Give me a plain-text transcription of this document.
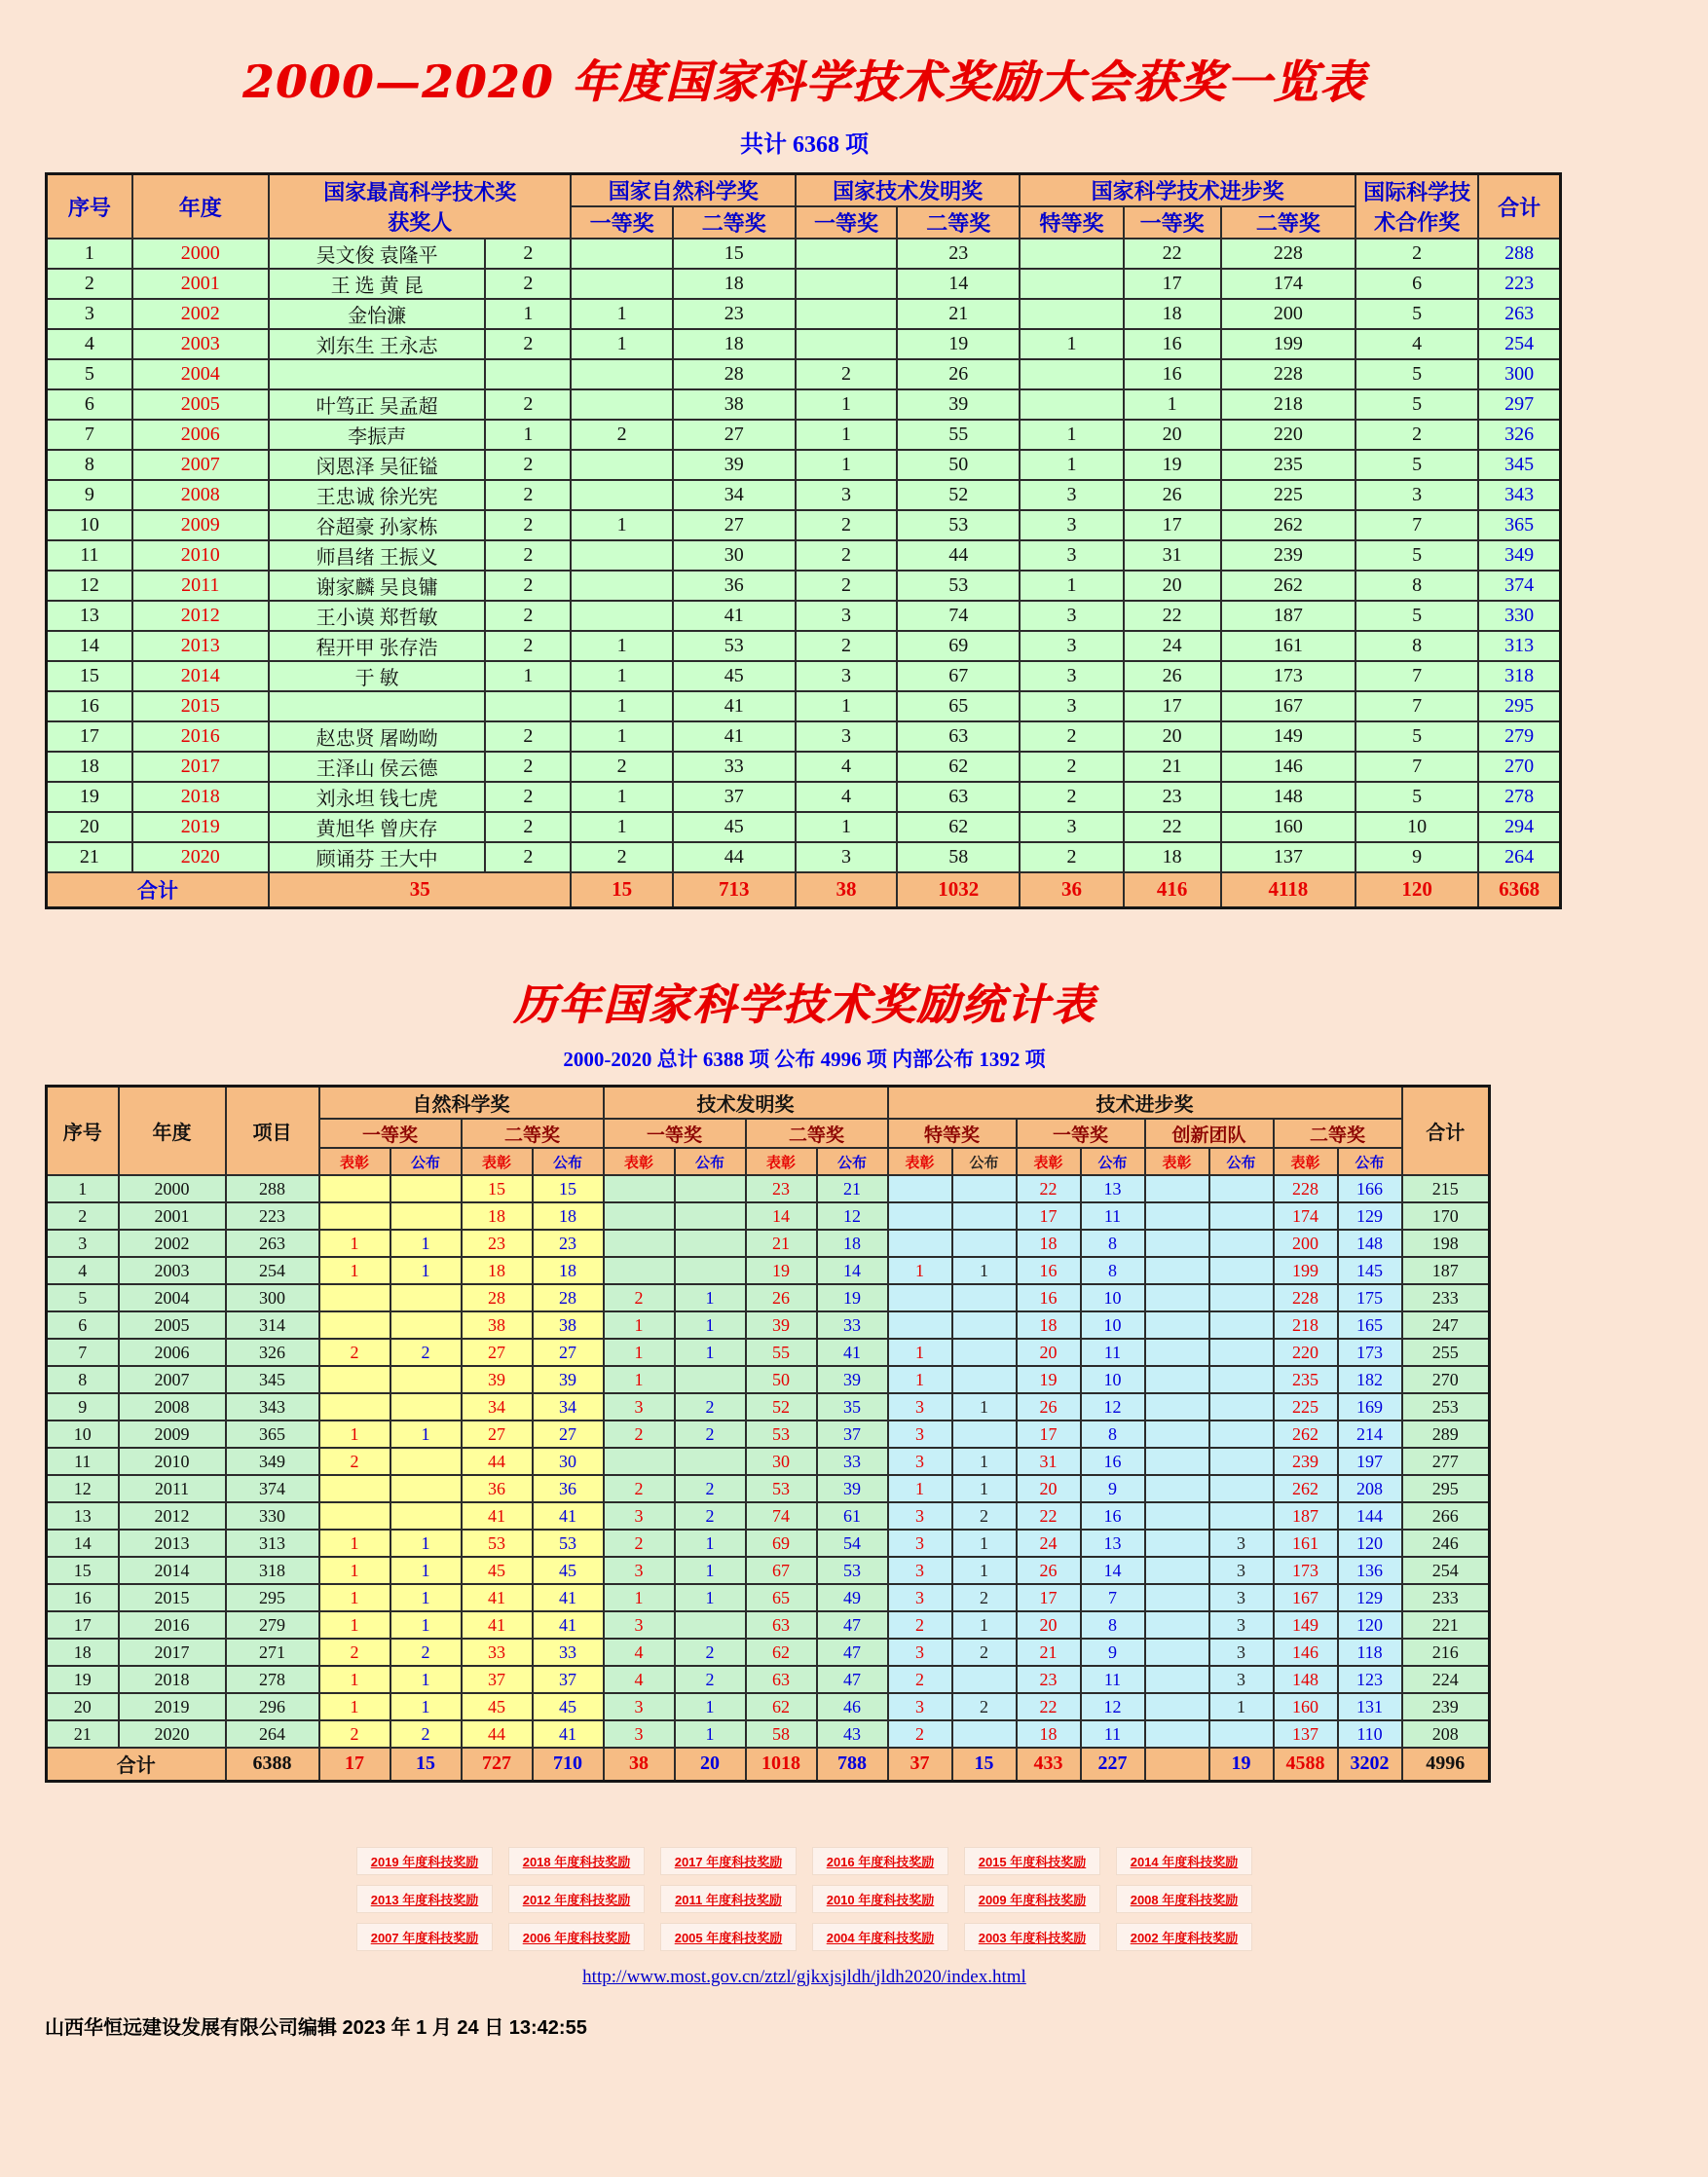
2000—2020 年度国家科学技术奖励大会获奖一览表
共计 6368 项
序号	年度	国家最高科学技术奖
获奖人		国家自然科学奖		国家技术发明奖		国家科学技术进步奖			国际科学技术合作奖	合计
				一等奖	二等奖	一等奖	二等奖	特等奖	一等奖	二等奖		
1	2000	吴文俊 袁隆平	2		15		23		22	228	2	288
2	2001	王 选 黄 昆	2		18		14		17	174	6	223
3	2002	金怡濂	1	1	23		21		18	200	5	263
4	2003	刘东生 王永志	2	1	18		19	1	16	199	4	254
5	2004				28	2	26		16	228	5	300
6	2005	叶笃正 吴孟超	2		38	1	39		1	218	5	297
7	2006	李振声	1	2	27	1	55	1	20	220	2	326
8	2007	闵恩泽 吴征镒	2		39	1	50	1	19	235	5	345
9	2008	王忠诚 徐光宪	2		34	3	52	3	26	225	3	343
10	2009	谷超豪 孙家栋	2	1	27	2	53	3	17	262	7	365
11	2010	师昌绪 王振义	2		30	2	44	3	31	239	5	349
12	2011	谢家麟 吴良镛	2		36	2	53	1	20	262	8	374
13	2012	王小谟 郑哲敏	2		41	3	74	3	22	187	5	330
14	2013	程开甲 张存浩	2	1	53	2	69	3	24	161	8	313
15	2014	于 敏	1	1	45	3	67	3	26	173	7	318
16	2015			1	41	1	65	3	17	167	7	295
17	2016	赵忠贤 屠呦呦	2	1	41	3	63	2	20	149	5	279
18	2017	王泽山 侯云德	2	2	33	4	62	2	21	146	7	270
19	2018	刘永坦 钱七虎	2	1	37	4	63	2	23	148	5	278
20	2019	黄旭华 曾庆存	2	1	45	1	62	3	22	160	10	294
21	2020	顾诵芬 王大中	2	2	44	3	58	2	18	137	9	264
合计		35		15	713	38	1032	36	416	4118	120	6368
历年国家科学技术奖励统计表
2000-2020 总计 6388 项 公布 4996 项 内部公布 1392 项
序号	年度	项目	自然科学奖				技术发明奖				技术进步奖								合计
			一等奖		二等奖		一等奖		二等奖		特等奖		一等奖		创新团队		二等奖		
			表彰	公布	表彰	公布	表彰	公布	表彰	公布	表彰	公布	表彰	公布	表彰	公布	表彰	公布	
1	2000	288			15	15			23	21			22	13			228	166	215
2	2001	223			18	18			14	12			17	11			174	129	170
3	2002	263	1	1	23	23			21	18			18	8			200	148	198
4	2003	254	1	1	18	18			19	14	1	1	16	8			199	145	187
5	2004	300			28	28	2	1	26	19			16	10			228	175	233
6	2005	314			38	38	1	1	39	33			18	10			218	165	247
7	2006	326	2	2	27	27	1	1	55	41	1		20	11			220	173	255
8	2007	345			39	39	1		50	39	1		19	10			235	182	270
9	2008	343			34	34	3	2	52	35	3	1	26	12			225	169	253
10	2009	365	1	1	27	27	2	2	53	37	3		17	8			262	214	289
11	2010	349	2		44	30			30	33	3	1	31	16			239	197	277
12	2011	374			36	36	2	2	53	39	1	1	20	9			262	208	295
13	2012	330			41	41	3	2	74	61	3	2	22	16			187	144	266
14	2013	313	1	1	53	53	2	1	69	54	3	1	24	13		3	161	120	246
15	2014	318	1	1	45	45	3	1	67	53	3	1	26	14		3	173	136	254
16	2015	295	1	1	41	41	1	1	65	49	3	2	17	7		3	167	129	233
17	2016	279	1	1	41	41	3		63	47	2	1	20	8		3	149	120	221
18	2017	271	2	2	33	33	4	2	62	47	3	2	21	9		3	146	118	216
19	2018	278	1	1	37	37	4	2	63	47	2		23	11		3	148	123	224
20	2019	296	1	1	45	45	3	1	62	46	3	2	22	12		1	160	131	239
21	2020	264	2	2	44	41	3	1	58	43	2		18	11			137	110	208
合计		6388	17	15	727	710	38	20	1018	788	37	15	433	227		19	4588	3202	4996
2019 年度科技奖励	2018 年度科技奖励	2017 年度科技奖励	2016 年度科技奖励	2015 年度科技奖励	2014 年度科技奖励
2013 年度科技奖励	2012 年度科技奖励	2011 年度科技奖励	2010 年度科技奖励	2009 年度科技奖励	2008 年度科技奖励
2007 年度科技奖励	2006 年度科技奖励	2005 年度科技奖励	2004 年度科技奖励	2003 年度科技奖励	2002 年度科技奖励
http://www.most.gov.cn/ztzl/gjkxjsjldh/jldh2020/index.html
山西华恒远建设发展有限公司编辑 2023 年 1 月 24 日 13:42:55
